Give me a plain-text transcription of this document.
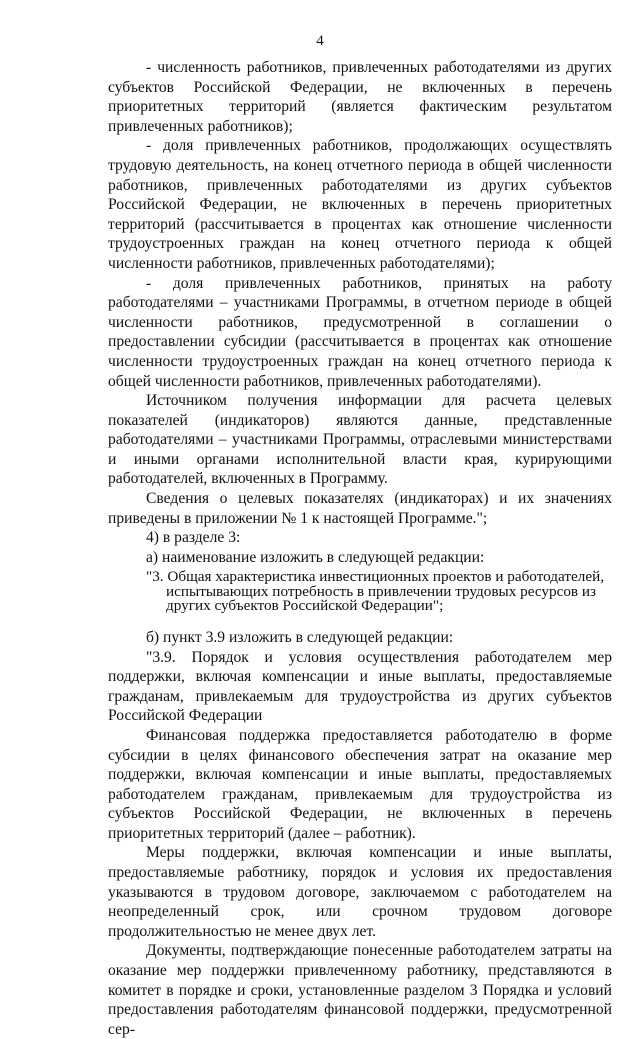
4

- численность работников, привлеченных работодателями из других субъектов Российской Федерации, не включенных в перечень приоритетных территорий (является фактическим результатом привлеченных работников);

- доля привлеченных работников, продолжающих осуществлять трудовую деятельность, на конец отчетного периода в общей численности работников, привлеченных работодателями из других субъектов Российской Федерации, не включенных в перечень приоритетных территорий (рассчитывается в процентах как отношение численности трудоустроенных граждан на конец отчетного периода к общей численности работников, привлеченных работодателями);

- доля привлеченных работников, принятых на работу работодателями – участниками Программы, в отчетном периоде в общей численности работников, предусмотренной в соглашении о предоставлении субсидии (рассчитывается в процентах как отношение численности трудоустроенных граждан на конец отчетного периода к общей численности работников, привлеченных работодателями).

Источником получения информации для расчета целевых показателей (индикаторов) являются данные, представленные работодателями – участниками Программы, отраслевыми министерствами и иными органами исполнительной власти края, курирующими работодателей, включенных в Программу.

Сведения о целевых показателях (индикаторах) и их значениях приведены в приложении № 1 к настоящей Программе.";

4) в разделе 3:

а) наименование изложить в следующей редакции:

"3. Общая характеристика инвестиционных проектов и работодателей,
испытывающих потребность в привлечении трудовых ресурсов из
других субъектов Российской Федерации";

б) пункт 3.9 изложить в следующей редакции:

"3.9. Порядок и условия осуществления работодателем мер поддержки, включая компенсации и иные выплаты, предоставляемые гражданам, привлекаемым для трудоустройства из других субъектов Российской Федерации

Финансовая поддержка предоставляется работодателю в форме субсидии в целях финансового обеспечения затрат на оказание мер поддержки, включая компенсации и иные выплаты, предоставляемых работодателем гражданам, привлекаемым для трудоустройства из субъектов Российской Федерации, не включенных в перечень приоритетных территорий (далее – работник).

Меры поддержки, включая компенсации и иные выплаты, предоставляемые работнику, порядок и условия их предоставления указываются в трудовом договоре, заключаемом с работодателем на неопределенный срок, или срочном трудовом договоре продолжительностью не менее двух лет.

Документы, подтверждающие понесенные работодателем затраты на оказание мер поддержки привлеченному работнику, представляются в комитет в порядке и сроки, установленные разделом 3 Порядка и условий предоставления работодателям финансовой поддержки, предусмотренной сер-
